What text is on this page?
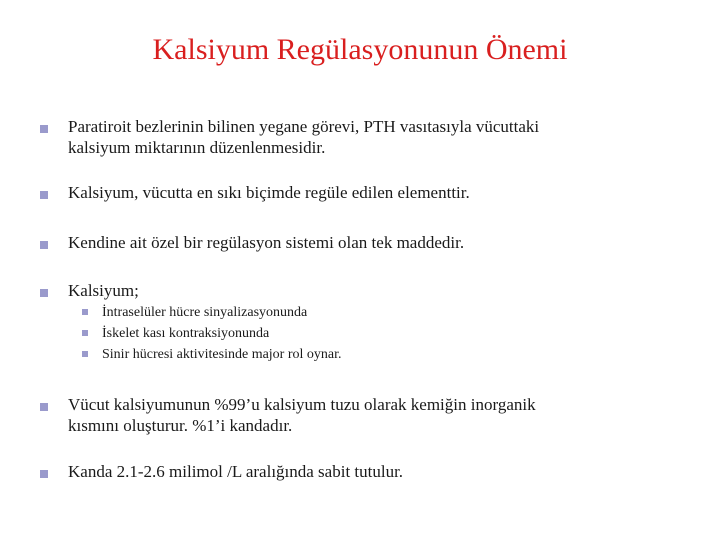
Kalsiyum Regülasyonunun Önemi
Paratiroit bezlerinin bilinen yegane görevi, PTH vasıtasıyla vücuttaki
kalsiyum miktarının düzenlenmesidir.
Kalsiyum, vücutta en sıkı biçimde regüle edilen elementtir.
Kendine ait özel bir regülasyon sistemi olan tek maddedir.
Kalsiyum;
İntraselüler hücre sinyalizasyonunda
İskelet kası kontraksiyonunda
Sinir hücresi aktivitesinde major rol oynar.
Vücut kalsiyumunun %99’u kalsiyum tuzu olarak kemiğin inorganik
kısmını oluşturur. %1’i kandadır.
Kanda 2.1-2.6 milimol /L aralığında sabit tutulur.
